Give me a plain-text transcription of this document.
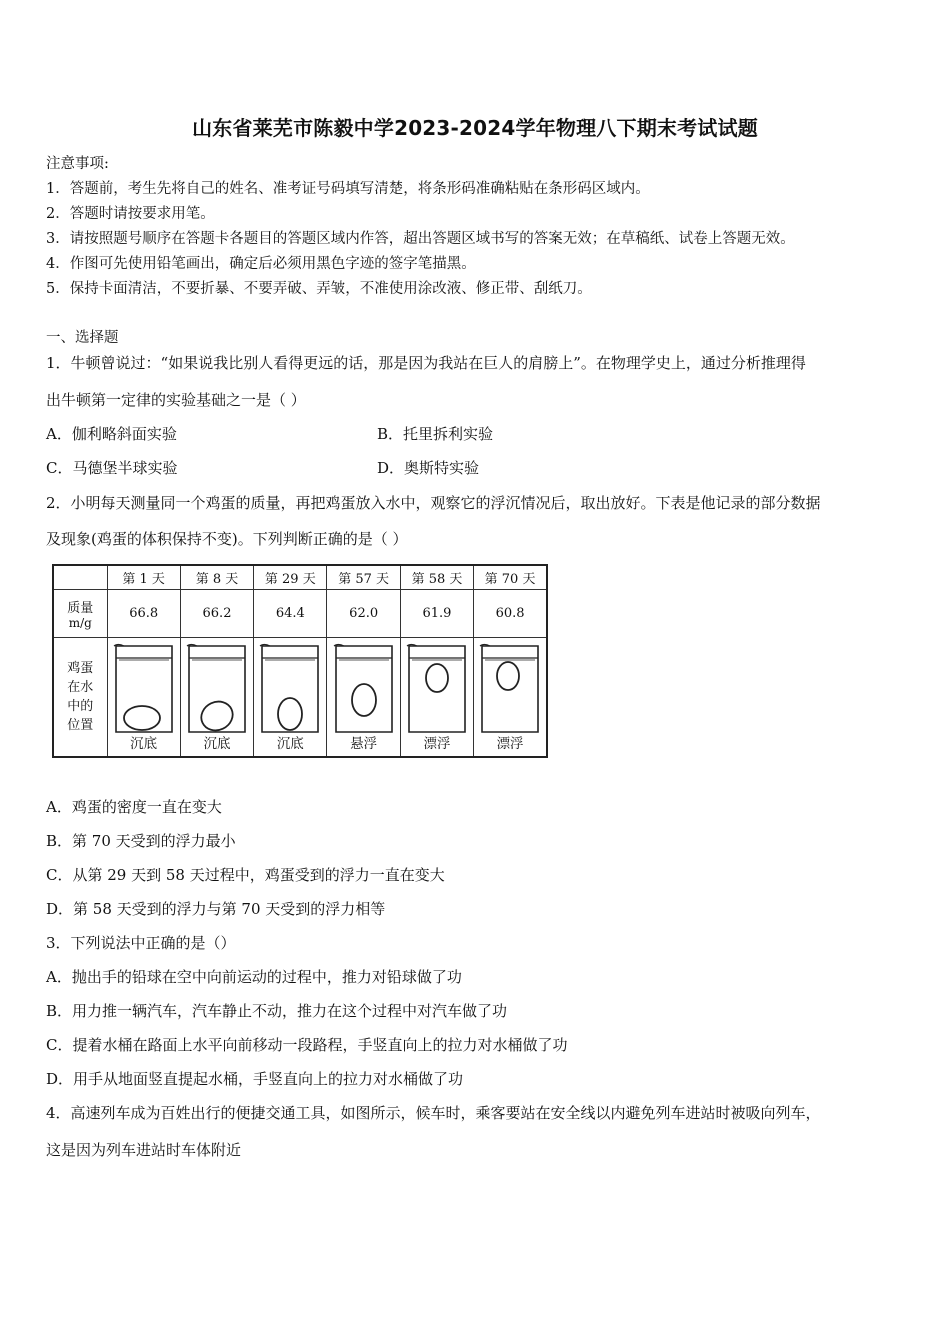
山东省莱芜市陈毅中学2023-2024学年物理八下期末考试试题
注意事项:
1．答题前，考生先将自己的姓名、准考证号码填写清楚，将条形码准确粘贴在条形码区域内。
2．答题时请按要求用笔。
3．请按照题号顺序在答题卡各题目的答题区域内作答，超出答题区域书写的答案无效；在草稿纸、试卷上答题无效。
4．作图可先使用铅笔画出，确定后必须用黑色字迹的签字笔描黑。
5．保持卡面清洁，不要折暴、不要弄破、弄皱，不准使用涂改液、修正带、刮纸刀。
一、选择题
1．牛顿曾说过：“如果说我比别人看得更远的话，那是因为我站在巨人的肩膀上”。在物理学史上，通过分析推理得
出牛顿第一定律的实验基础之一是（ ）
A．伽利略斜面实验	B．托里拆利实验
C．马德堡半球实验	D．奥斯特实验
2．小明每天测量同一个鸡蛋的质量，再把鸡蛋放入水中，观察它的浮沉情况后，取出放好。下表是他记录的部分数据
及现象(鸡蛋的体积保持不变)。下列判断正确的是（ ）
	第 1 天	第 8 天	第 29 天	第 57 天	第 58 天	第 70 天

质量
m/g	66.8	66.2	64.4	62.0	61.9	60.8

鸡蛋
在水
中的
位置	沉底	沉底	沉底	悬浮	漂浮	漂浮
A．鸡蛋的密度一直在变大
B．第 70 天受到的浮力最小
C．从第 29 天到 58 天过程中，鸡蛋受到的浮力一直在变大
D．第 58 天受到的浮力与第 70 天受到的浮力相等
3．下列说法中正确的是（）
A．抛出手的铅球在空中向前运动的过程中，推力对铅球做了功
B．用力推一辆汽车，汽车静止不动，推力在这个过程中对汽车做了功
C．提着水桶在路面上水平向前移动一段路程，手竖直向上的拉力对水桶做了功
D．用手从地面竖直提起水桶，手竖直向上的拉力对水桶做了功
4．高速列车成为百姓出行的便捷交通工具，如图所示，候车时，乘客要站在安全线以内避免列车进站时被吸向列车，
这是因为列车进站时车体附近
